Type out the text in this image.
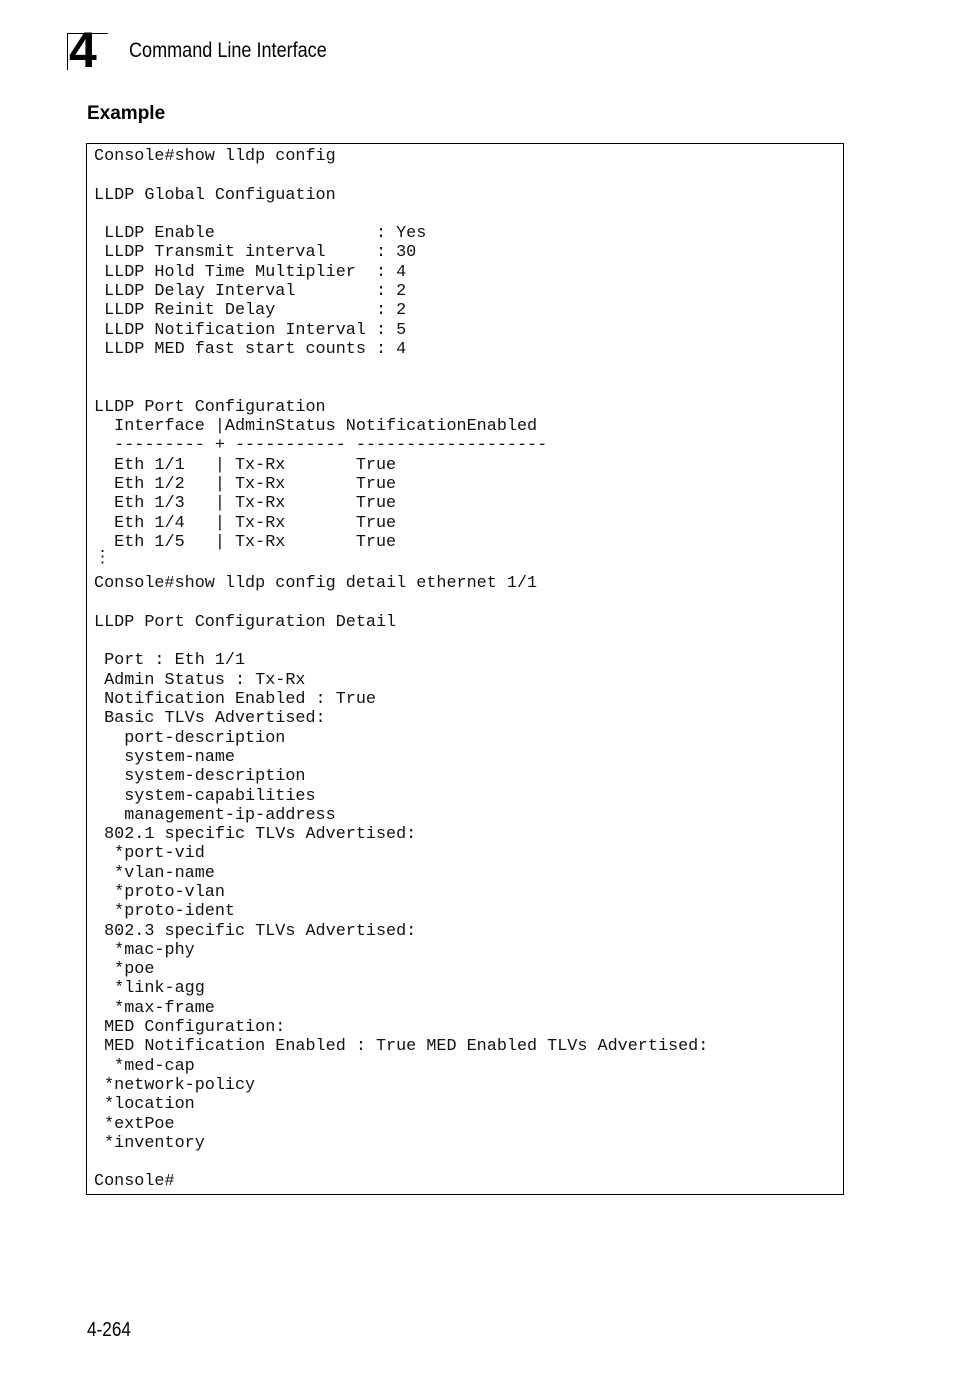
4 Command Line Interface
Example
Console#show lldp config
LLDP Global Configuation
LLDP Enable                : Yes
LLDP Transmit interval     : 30
LLDP Hold Time Multiplier  : 4
LLDP Delay Interval        : 2
LLDP Reinit Delay          : 2
LLDP Notification Interval : 5
LLDP MED fast start counts : 4
LLDP Port Configuration
Interface |AdminStatus NotificationEnabled
--------- + ----------- -------------------
Eth 1/1   | Tx-Rx       True
Eth 1/2   | Tx-Rx       True
Eth 1/3   | Tx-Rx       True
Eth 1/4   | Tx-Rx       True
Eth 1/5   | Tx-Rx       True
⋮
Console#show lldp config detail ethernet 1/1
LLDP Port Configuration Detail
Port : Eth 1/1
Admin Status : Tx-Rx
Notification Enabled : True
Basic TLVs Advertised:
port-description
system-name
system-description
system-capabilities
management-ip-address
802.1 specific TLVs Advertised:
*port-vid
*vlan-name
*proto-vlan
*proto-ident
802.3 specific TLVs Advertised:
*mac-phy
*poe
*link-agg
*max-frame
MED Configuration:
MED Notification Enabled : True MED Enabled TLVs Advertised:
*med-cap
*network-policy
*location
*extPoe
*inventory
Console#
4-264
